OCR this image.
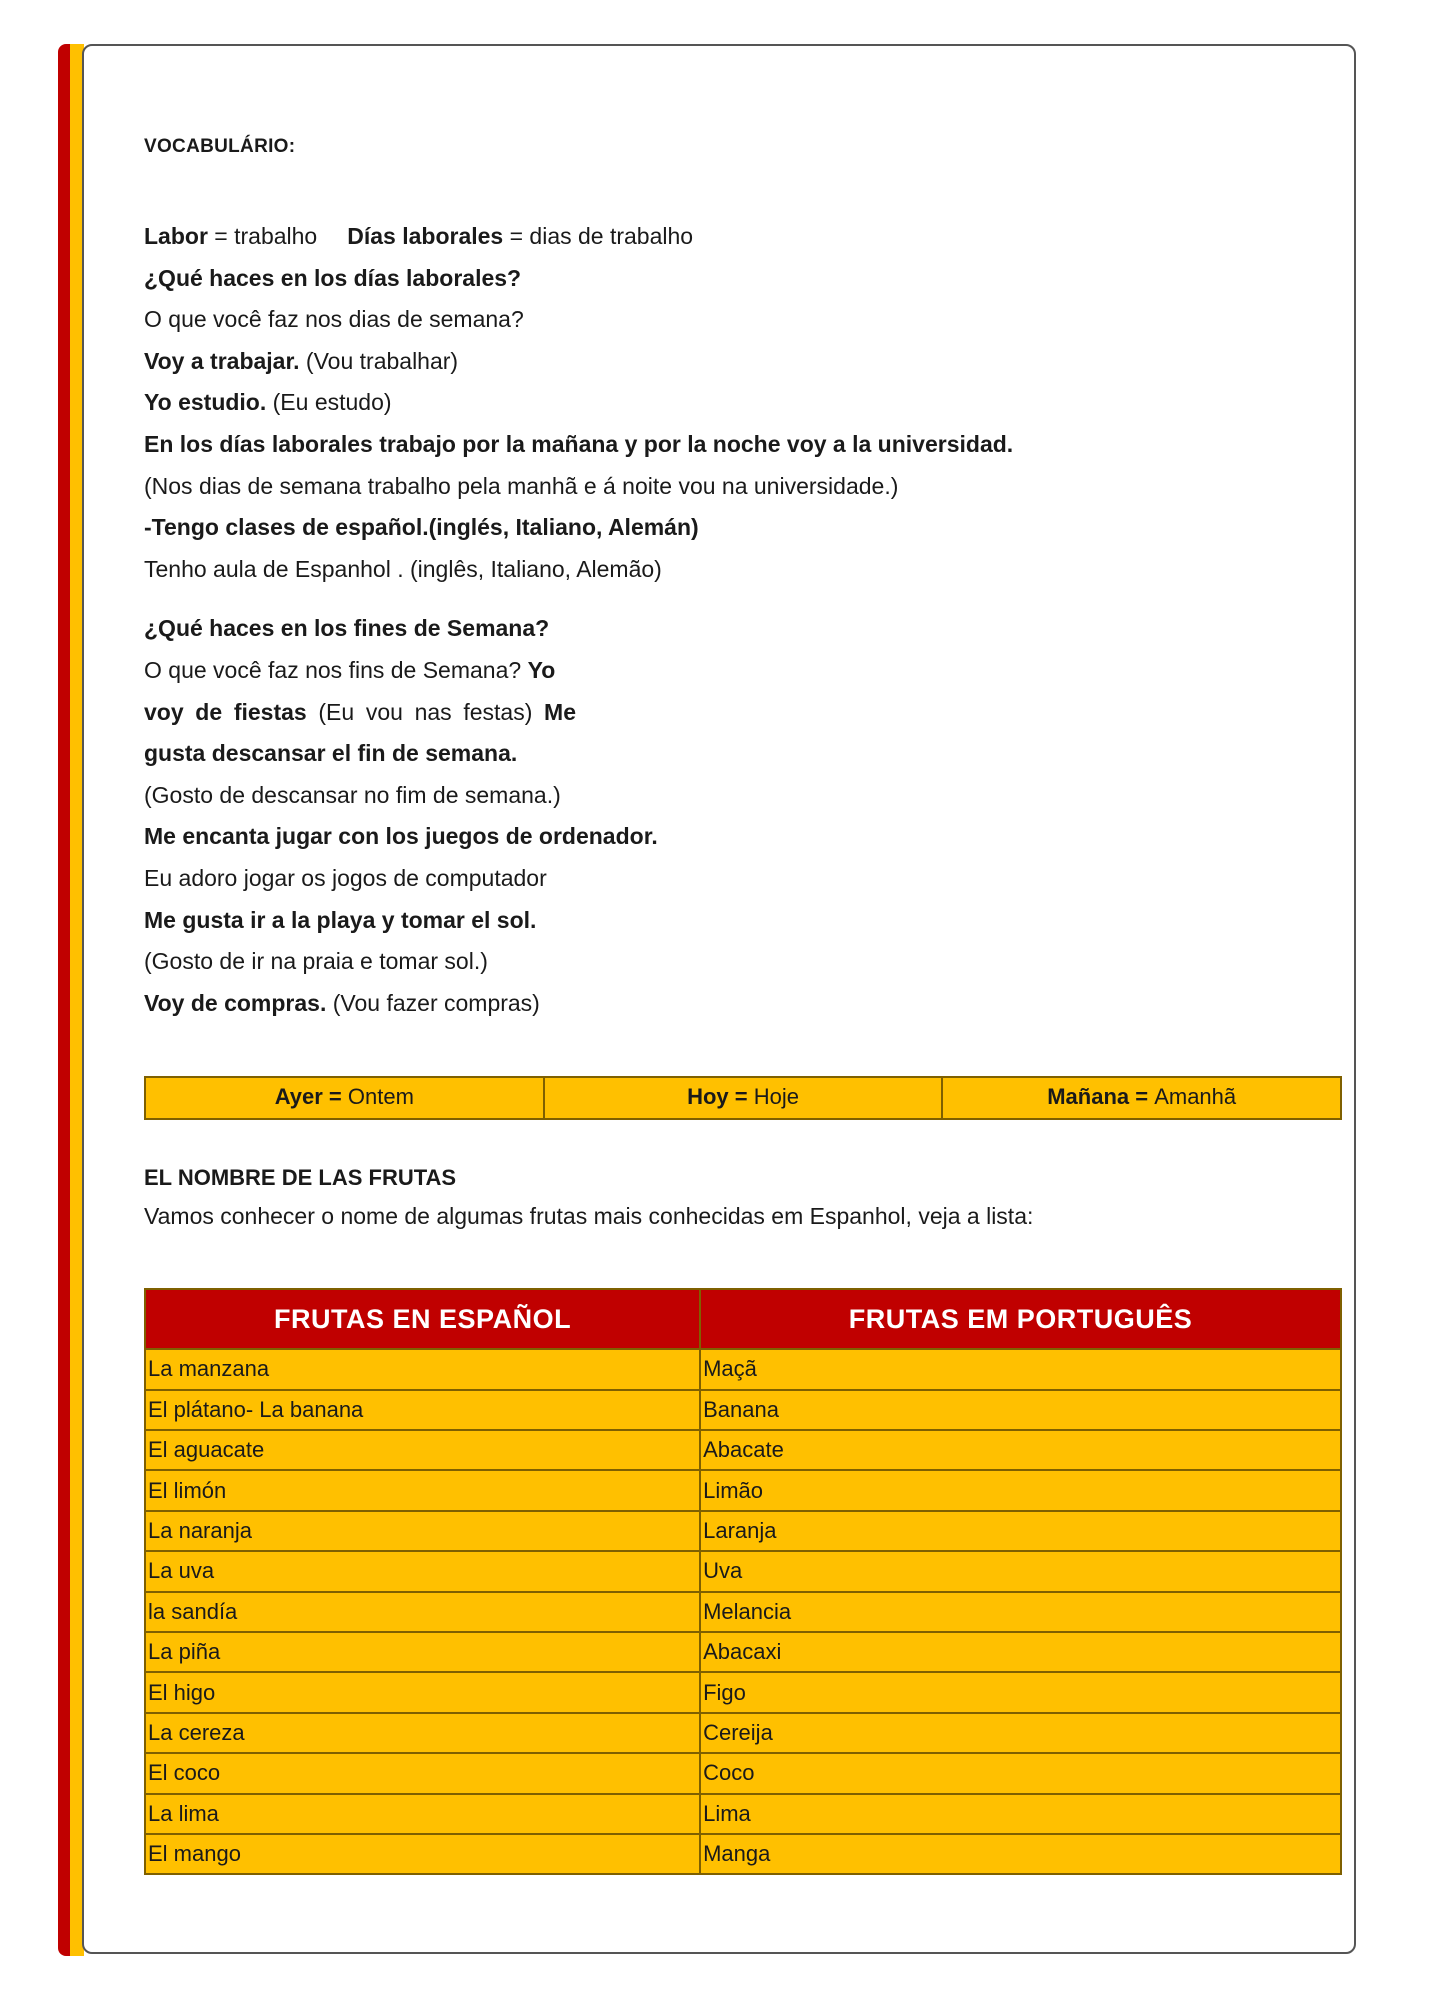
VOCABULÁRIO:
Labor = trabalho Días laborales = dias de trabalho
¿Qué haces en los días laborales?
O que você faz nos dias de semana?
Voy a trabajar. (Vou trabalhar)
Yo estudio. (Eu estudo)
En los días laborales trabajo por la mañana y por la noche voy a la universidad.
(Nos dias de semana trabalho pela manhã e á noite vou na universidade.)
-Tengo clases de español.(inglés, Italiano, Alemán)
Tenho aula de Espanhol . (inglês, Italiano, Alemão)
¿Qué haces en los fines de Semana?
O que você faz nos fins de Semana? Yo
voy de fiestas (Eu vou nas festas) Me
gusta descansar el fin de semana.
(Gosto de descansar no fim de semana.)
Me encanta jugar con los juegos de ordenador.
Eu adoro jogar os jogos de computador
Me gusta ir a la playa y tomar el sol.
(Gosto de ir na praia e tomar sol.)
Voy de compras. (Vou fazer compras)
Ayer = Ontem	Hoy = Hoje	Mañana = Amanhã
EL NOMBRE DE LAS FRUTAS
Vamos conhecer o nome de algumas frutas mais conhecidas em Espanhol, veja a lista:
FRUTAS EN ESPAÑOL	FRUTAS EM PORTUGUÊS
La manzana	Maçã
El plátano- La banana	Banana
El aguacate	Abacate
El limón	Limão
La naranja	Laranja
La uva	Uva
la sandía	Melancia
La piña	Abacaxi
El higo	Figo
La cereza	Cereija
El coco	Coco
La lima	Lima
El mango	Manga
